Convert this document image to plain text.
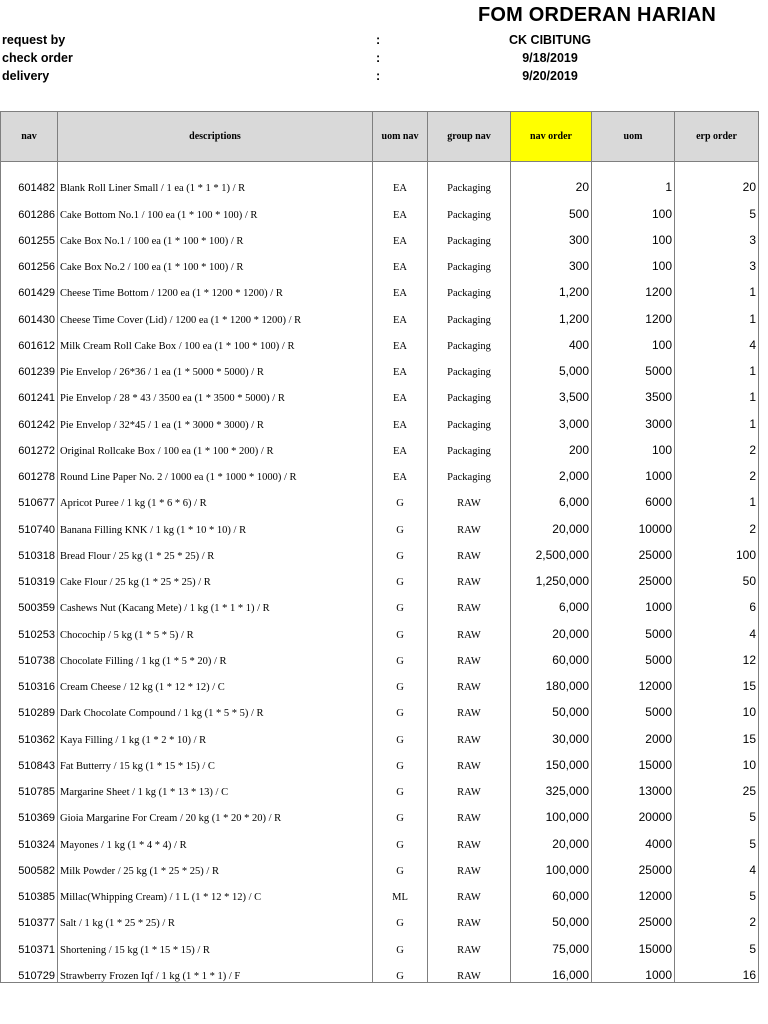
FOM ORDERAN HARIAN
request by	:	CK CIBITUNG
check order	:	9/18/2019
delivery	:	9/20/2019
nav	descriptions	uom nav	group nav	nav order	uom	erp order

601482	Blank Roll Liner Small / 1 ea (1 * 1 * 1) / R	EA	Packaging	20	1	20
601286	Cake Bottom No.1 / 100 ea (1 * 100 * 100) / R	EA	Packaging	500	100	5
601255	Cake Box No.1 / 100 ea (1 * 100 * 100) / R	EA	Packaging	300	100	3
601256	Cake Box No.2 / 100 ea (1 * 100 * 100) / R	EA	Packaging	300	100	3
601429	Cheese Time Bottom / 1200 ea (1 * 1200 * 1200) / R	EA	Packaging	1,200	1200	1
601430	Cheese Time Cover (Lid) / 1200 ea (1 * 1200 * 1200) / R	EA	Packaging	1,200	1200	1
601612	Milk Cream Roll Cake Box / 100 ea (1 * 100 * 100) / R	EA	Packaging	400	100	4
601239	Pie Envelop / 26*36 / 1 ea (1 * 5000 * 5000) / R	EA	Packaging	5,000	5000	1
601241	Pie Envelop / 28 * 43 / 3500 ea (1 * 3500 * 5000) / R	EA	Packaging	3,500	3500	1
601242	Pie Envelop / 32*45 / 1 ea (1 * 3000 * 3000) / R	EA	Packaging	3,000	3000	1
601272	Original Rollcake Box / 100 ea (1 * 100 * 200) / R	EA	Packaging	200	100	2
601278	Round Line Paper No. 2 / 1000 ea (1 * 1000 * 1000) / R	EA	Packaging	2,000	1000	2
510677	Apricot Puree / 1 kg (1 * 6 * 6) / R	G	RAW	6,000	6000	1
510740	Banana Filling KNK / 1 kg (1 * 10 * 10) / R	G	RAW	20,000	10000	2
510318	Bread Flour / 25 kg (1 * 25 * 25) / R	G	RAW	2,500,000	25000	100
510319	Cake Flour / 25 kg (1 * 25 * 25) / R	G	RAW	1,250,000	25000	50
500359	Cashews Nut (Kacang Mete) / 1 kg (1 * 1 * 1) / R	G	RAW	6,000	1000	6
510253	Chocochip / 5 kg (1 * 5 * 5) / R	G	RAW	20,000	5000	4
510738	Chocolate Filling / 1 kg (1 * 5 * 20) / R	G	RAW	60,000	5000	12
510316	Cream Cheese / 12 kg (1 * 12 * 12) / C	G	RAW	180,000	12000	15
510289	Dark Chocolate Compound / 1 kg (1 * 5 * 5) / R	G	RAW	50,000	5000	10
510362	Kaya Filling / 1 kg (1 * 2 * 10) / R	G	RAW	30,000	2000	15
510843	Fat Butterry / 15 kg (1 * 15 * 15) / C	G	RAW	150,000	15000	10
510785	Margarine Sheet / 1 kg (1 * 13 * 13) / C	G	RAW	325,000	13000	25
510369	Gioia Margarine For Cream / 20 kg (1 * 20 * 20) / R	G	RAW	100,000	20000	5
510324	Mayones / 1 kg (1 * 4 * 4) / R	G	RAW	20,000	4000	5
500582	Milk Powder / 25 kg (1 * 25 * 25) / R	G	RAW	100,000	25000	4
510385	Millac(Whipping Cream) / 1 L (1 * 12 * 12) / C	ML	RAW	60,000	12000	5
510377	Salt / 1 kg (1 * 25 * 25) / R	G	RAW	50,000	25000	2
510371	Shortening / 15 kg (1 * 15 * 15) / R	G	RAW	75,000	15000	5
510729	Strawberry Frozen Iqf / 1 kg (1 * 1 * 1) / F	G	RAW	16,000	1000	16
